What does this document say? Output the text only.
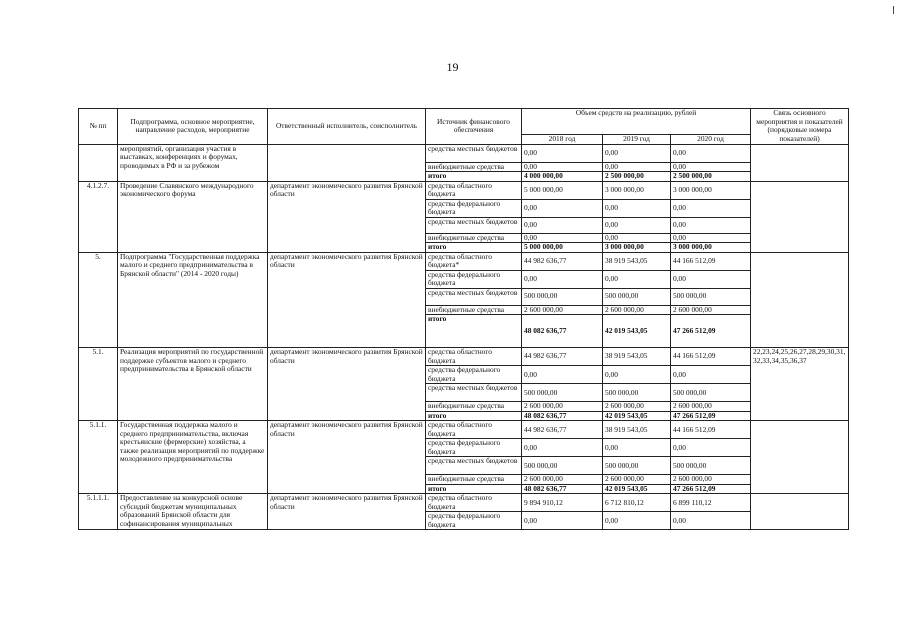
19
№ пп	Подпрограмма, основное мероприятие, направление расходов, мероприятие	Ответственный исполнитель, соисполнитель	Источник финансового обеспечения	Объем средств на реализацию, рублей			Связь основного мероприятия и показателей (порядковые номера показателей)
				2018 год	2019 год	2020 год	
	мероприятий, организация участия в выставках, конференциях и форумах, проводимых в РФ и за рубежом		средства местных бюджетов	0,00	0,00	0,00	
			внебюджетные средства	0,00	0,00	0,00	
			итого	4 000 000,00	2 500 000,00	2 500 000,00	
4.1.2.7.	Проведение Славянского международного экономического форума	департамент экономического развития Брянской области	средства областного бюджета	5 000 000,00	3 000 000,00	3 000 000,00	
			средства федерального бюджета	0,00	0,00	0,00	
			средства местных бюджетов	0,00	0,00	0,00	
			внебюджетные средства	0,00	0,00	0,00	
			итого	5 000 000,00	3 000 000,00	3 000 000,00	
5.	Подпрограмма "Государственная поддержка малого и среднего предпринимательства в Брянской области" (2014 - 2020 годы)	департамент экономического развития Брянской области	средства областного бюджета*	44 982 636,77	38 919 543,05	44 166 512,09	
			средства федерального бюджета	0,00	0,00	0,00	
			средства местных бюджетов	500 000,00	500 000,00	500 000,00	
			внебюджетные средства	2 600 000,00	2 600 000,00	2 600 000,00	
			итого	48 082 636,77	42 019 543,05	47 266 512,09	
5.1.	Реализация мероприятий по государственной поддержке субъектов малого и среднего предпринимательства в Брянской области	департамент экономического развития Брянской области	средства областного бюджета	44 982 636,77	38 919 543,05	44 166 512,09	22,23,24,25,26,27,28,29,30,31,32,33,34,35,36,37
			средства федерального бюджета	0,00	0,00	0,00	
			средства местных бюджетов	500 000,00	500 000,00	500 000,00	
			внебюджетные средства	2 600 000,00	2 600 000,00	2 600 000,00	
			итого	48 082 636,77	42 019 543,05	47 266 512,09	
5.1.1.	Государственная поддержка малого и среднего предпринимательства, включая крестьянские (фермерские) хозяйства, а также реализация мероприятий по поддержке молодежного предпринимательства	департамент экономического развития Брянской области	средства областного бюджета	44 982 636,77	38 919 543,05	44 166 512,09	
			средства федерального бюджета	0,00	0,00	0,00	
			средства местных бюджетов	500 000,00	500 000,00	500 000,00	
			внебюджетные средства	2 600 000,00	2 600 000,00	2 600 000,00	
			итого	48 082 636,77	42 019 543,05	47 266 512,09	
5.1.1.1.	Предоставление на конкурсной основе субсидий бюджетам муниципальных образований Брянской области для софинансирования муниципальных	департамент экономического развития Брянской области	средства областного бюджета	9 894 910,12	6 712 810,12	6 899 110,12	
			средства федерального бюджета	0,00	0,00	0,00	
